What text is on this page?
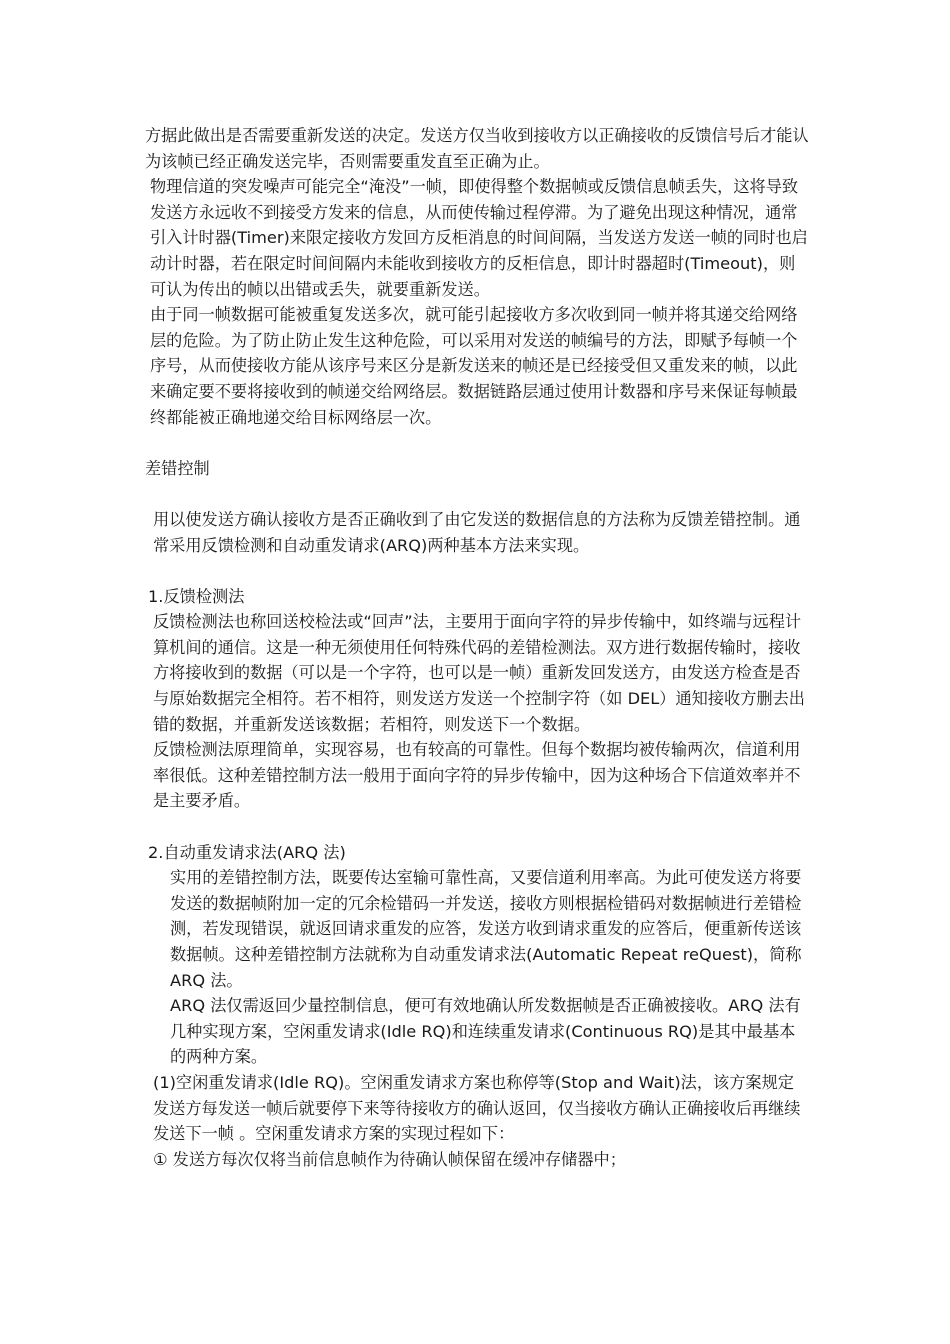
方据此做出是否需要重新发送的决定。发送方仅当收到接收方以正确接收的反馈信号后才能认为该帧已经正确发送完毕，否则需要重发直至正确为止。

物理信道的突发噪声可能完全“淹没”一帧，即使得整个数据帧或反馈信息帧丢失，这将导致发送方永远收不到接受方发来的信息，从而使传输过程停滞。为了避免出现这种情况，通常引入计时器(Timer)来限定接收方发回方反柜消息的时间间隔，当发送方发送一帧的同时也启动计时器，若在限定时间间隔内未能收到接收方的反柜信息，即计时器超时(Timeout)，则可认为传出的帧以出错或丢失，就要重新发送。

由于同一帧数据可能被重复发送多次，就可能引起接收方多次收到同一帧并将其递交给网络层的危险。为了防止防止发生这种危险，可以采用对发送的帧编号的方法，即赋予每帧一个序号，从而使接收方能从该序号来区分是新发送来的帧还是已经接受但又重发来的帧，以此来确定要不要将接收到的帧递交给网络层。数据链路层通过使用计数器和序号来保证每帧最终都能被正确地递交给目标网络层一次。

差错控制

用以使发送方确认接收方是否正确收到了由它发送的数据信息的方法称为反馈差错控制。通常采用反馈检测和自动重发请求(ARQ)两种基本方法来实现。

1.反馈检测法

反馈检测法也称回送校检法或“回声”法，主要用于面向字符的异步传输中，如终端与远程计算机间的通信。这是一种无须使用任何特殊代码的差错检测法。双方进行数据传输时，接收方将接收到的数据（可以是一个字符，也可以是一帧）重新发回发送方，由发送方检查是否与原始数据完全相符。若不相符，则发送方发送一个控制字符（如 DEL）通知接收方删去出错的数据，并重新发送该数据；若相符，则发送下一个数据。

反馈检测法原理简单，实现容易，也有较高的可靠性。但每个数据均被传输两次，信道利用率很低。这种差错控制方法一般用于面向字符的异步传输中，因为这种场合下信道效率并不是主要矛盾。

2.自动重发请求法(ARQ 法)

实用的差错控制方法，既要传达室输可靠性高，又要信道利用率高。为此可使发送方将要发送的数据帧附加一定的冗余检错码一并发送，接收方则根据检错码对数据帧进行差错检测，若发现错误，就返回请求重发的应答，发送方收到请求重发的应答后，便重新传送该数据帧。这种差错控制方法就称为自动重发请求法(Automatic Repeat reQuest)，简称 ARQ 法。

ARQ 法仅需返回少量控制信息，便可有效地确认所发数据帧是否正确被接收。ARQ 法有几种实现方案，空闲重发请求(Idle RQ)和连续重发请求(Continuous RQ)是其中最基本的两种方案。

(1)空闲重发请求(Idle RQ)。空闲重发请求方案也称停等(Stop and Wait)法，该方案规定发送方每发送一帧后就要停下来等待接收方的确认返回，仅当接收方确认正确接收后再继续发送下一帧 。空闲重发请求方案的实现过程如下：

① 发送方每次仅将当前信息帧作为待确认帧保留在缓冲存储器中；
